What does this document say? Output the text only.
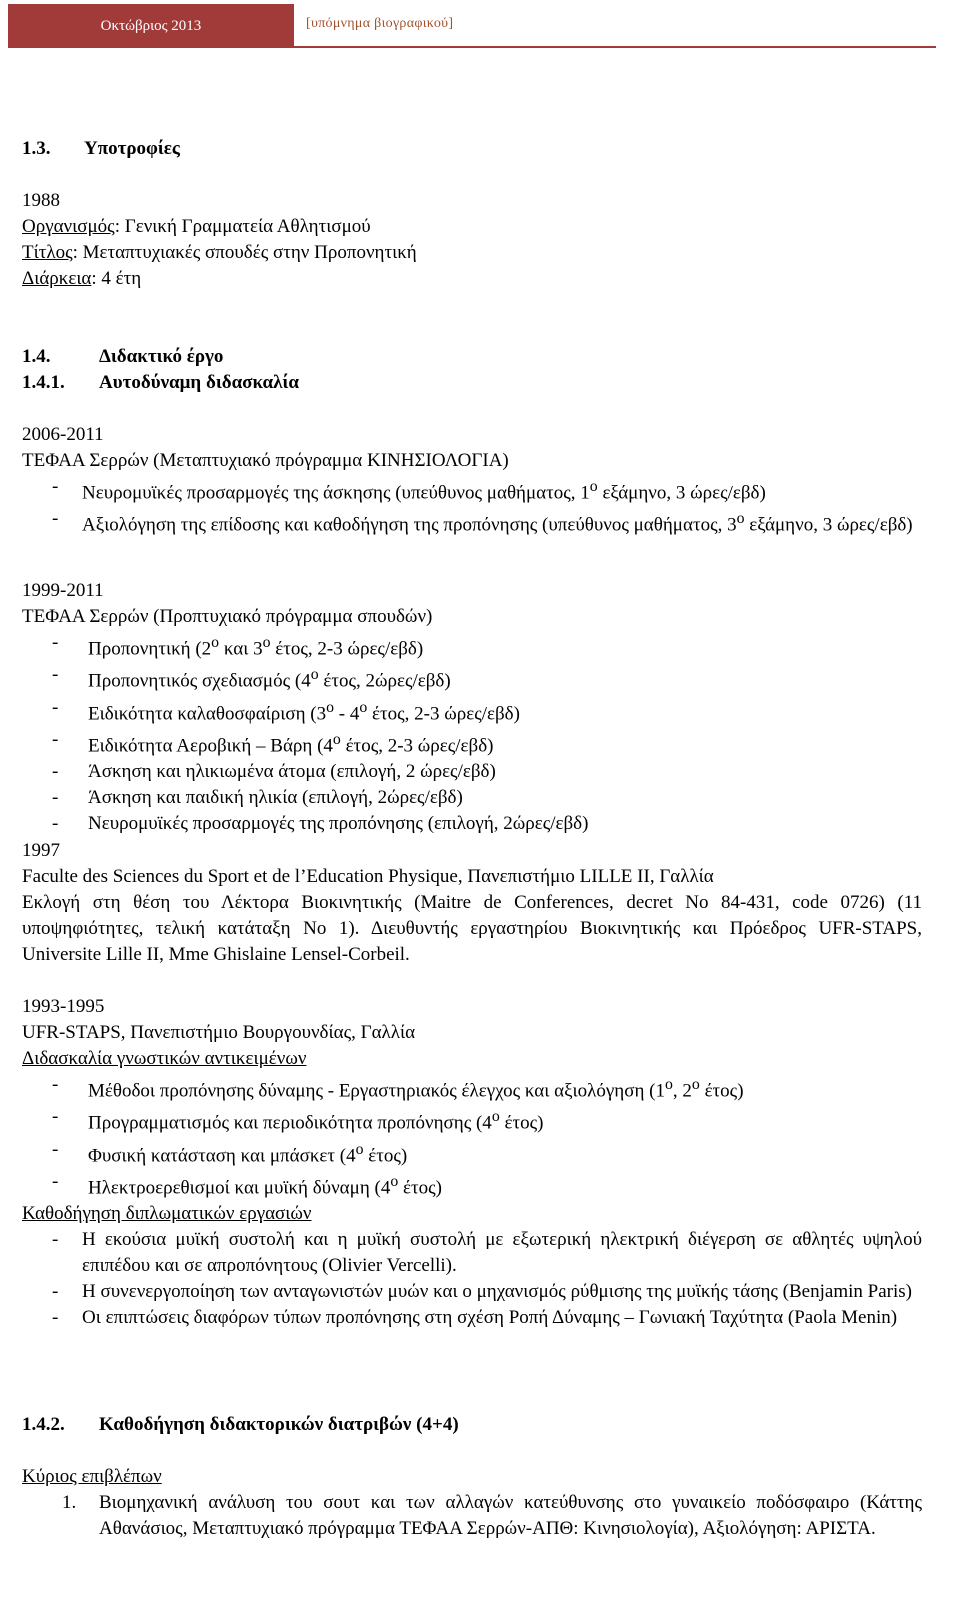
Οκτώβριος 2013	[υπόμνημα βιογραφικού]
1.3. Υποτροφίες
1988
Οργανισμός: Γενική Γραμματεία Αθλητισμού
Τίτλος: Μεταπτυχιακές σπουδές στην Προπονητική
Διάρκεια: 4 έτη
1.4.	Διδακτικό έργο
1.4.1. Αυτοδύναμη διδασκαλία
2006-2011
ΤΕΦΑΑ Σερρών (Μεταπτυχιακό πρόγραμμα ΚΙΝΗΣΙΟΛΟΓΙΑ)
- Νευρομυϊκές προσαρμογές της άσκησης (υπεύθυνος μαθήματος, $1^o$ εξάμηνο, 3 ώρες/εβδ)
- Αξιολόγηση της επίδοσης και καθοδήγηση της προπόνησης (υπεύθυνος μαθήματος, $3^o$ εξάμηνο, 3 ώρες/εβδ)
1999-2011
ΤΕΦΑΑ Σερρών (Προπτυχιακό πρόγραμμα σπουδών)
- Προπονητική ($2^o$ και $3^o$ έτος, 2-3 ώρες/εβδ)
- Προπονητικός σχεδιασμός ($4^o$ έτος, 2ώρες/εβδ)
- Ειδικότητα καλαθοσφαίριση ($3^o - 4^o$ έτος, 2-3 ώρες/εβδ)
- Ειδικότητα Αεροβική – Βάρη ($4^o$ έτος, 2-3 ώρες/εβδ)
- Άσκηση και ηλικιωμένα άτομα (επιλογή, 2 ώρες/εβδ)
- Άσκηση και παιδική ηλικία (επιλογή, 2ώρες/εβδ)
- Νευρομυϊκές προσαρμογές της προπόνησης (επιλογή, 2ώρες/εβδ)
1997
Faculte des Sciences du Sport et de l’Education Physique, Πανεπιστήμιο LILLE II, Γαλλία
Εκλογή στη θέση του Λέκτορα Βιοκινητικής (Maitre de Conferences, decret No 84-431, code 0726) (11 υποψηφιότητες, τελική κατάταξη No 1). Διευθυντής εργαστηρίου Βιοκινητικής και Πρόεδρος UFR-STAPS, Universite Lille II, Mme Ghislaine Lensel-Corbeil.
1993-1995
UFR-STAPS, Πανεπιστήμιο Βουργουνδίας, Γαλλία
Διδασκαλία γνωστικών αντικειμένων
- Μέθοδοι προπόνησης δύναμης - Εργαστηριακός έλεγχος και αξιολόγηση ($1^o$, $2^o$ έτος)
- Προγραμματισμός και περιοδικότητα προπόνησης ($4^o$ έτος)
- Φυσική κατάσταση και μπάσκετ ($4^o$ έτος)
- Ηλεκτροερεθισμοί και μυϊκή δύναμη ($4^o$ έτος)
Καθοδήγηση διπλωματικών εργασιών
- Η εκούσια μυϊκή συστολή και η μυϊκή συστολή με εξωτερική ηλεκτρική διέγερση σε αθλητές υψηλού επιπέδου και σε απροπόνητους (Olivier Vercelli).
- Η συνενεργοποίηση των ανταγωνιστών μυών και ο μηχανισμός ρύθμισης της μυϊκής τάσης (Benjamin Paris)
- Οι επιπτώσεις διαφόρων τύπων προπόνησης στη σχέση Ροπή Δύναμης – Γωνιακή Ταχύτητα (Paola Menin)
1.4.2. Καθοδήγηση διδακτορικών διατριβών (4+4)
Κύριος επιβλέπων
1. Βιομηχανική ανάλυση του σουτ και των αλλαγών κατεύθυνσης στο γυναικείο ποδόσφαιρο (Κάττης Αθανάσιος, Μεταπτυχιακό πρόγραμμα ΤΕΦΑΑ Σερρών-ΑΠΘ: Κινησιολογία), Αξιολόγηση: ΑΡΙΣΤΑ.
